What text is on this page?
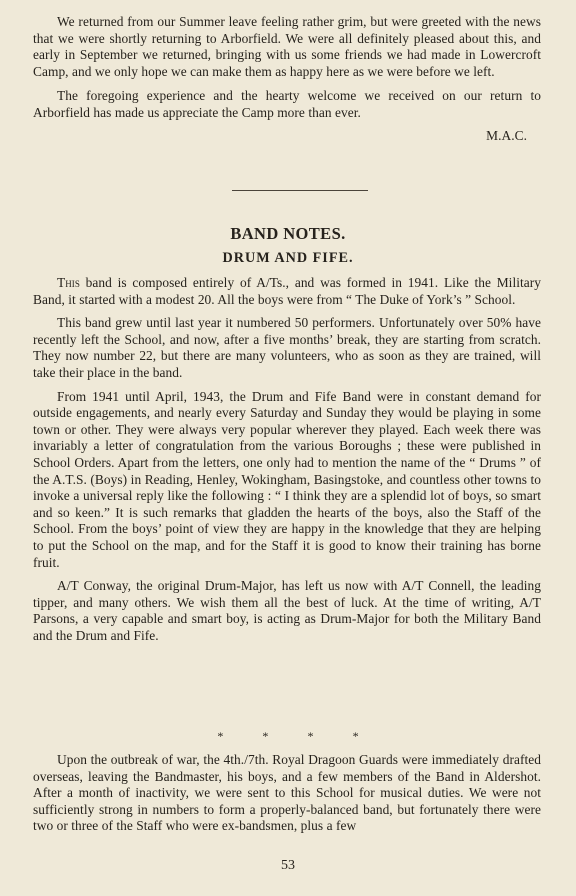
We returned from our Summer leave feeling rather grim, but were greeted with the news that we were shortly returning to Arborfield. We were all definitely pleased about this, and early in September we returned, bringing with us some friends we had made in Lowercroft Camp, and we only hope we can make them as happy here as we were before we left.

The foregoing experience and the hearty welcome we received on our return to Arborfield has made us appreciate the Camp more than ever.

M.A.C.

BAND NOTES.
DRUM AND FIFE.

This band is composed entirely of A/Ts., and was formed in 1941. Like the Military Band, it started with a modest 20. All the boys were from “ The Duke of York’s ” School.

This band grew until last year it numbered 50 performers. Unfortunately over 50% have recently left the School, and now, after a five months’ break, they are starting from scratch. They now number 22, but there are many volunteers, who as soon as they are trained, will take their place in the band.

From 1941 until April, 1943, the Drum and Fife Band were in constant demand for outside engagements, and nearly every Saturday and Sunday they would be playing in some town or other. They were always very popular wherever they played. Each week there was invariably a letter of congratulation from the various Boroughs ; these were published in School Orders. Apart from the letters, one only had to mention the name of the “ Drums ” of the A.T.S. (Boys) in Reading, Henley, Wokingham, Basingstoke, and countless other towns to invoke a universal reply like the following : “ I think they are a splendid lot of boys, so smart and so keen.” It is such remarks that gladden the hearts of the boys, also the Staff of the School. From the boys’ point of view they are happy in the knowledge that they are helping to put the School on the map, and for the Staff it is good to know their training has borne fruit.

A/T Conway, the original Drum-Major, has left us now with A/T Connell, the leading tipper, and many others. We wish them all the best of luck. At the time of writing, A/T Parsons, a very capable and smart boy, is acting as Drum-Major for both the Military Band and the Drum and Fife.

* * * *

Upon the outbreak of war, the 4th./7th. Royal Dragoon Guards were immediately drafted overseas, leaving the Bandmaster, his boys, and a few members of the Band in Aldershot. After a month of inactivity, we were sent to this School for musical duties. We were not sufficiently strong in numbers to form a properly-balanced band, but fortunately there were two or three of the Staff who were ex-bandsmen, plus a few

53
